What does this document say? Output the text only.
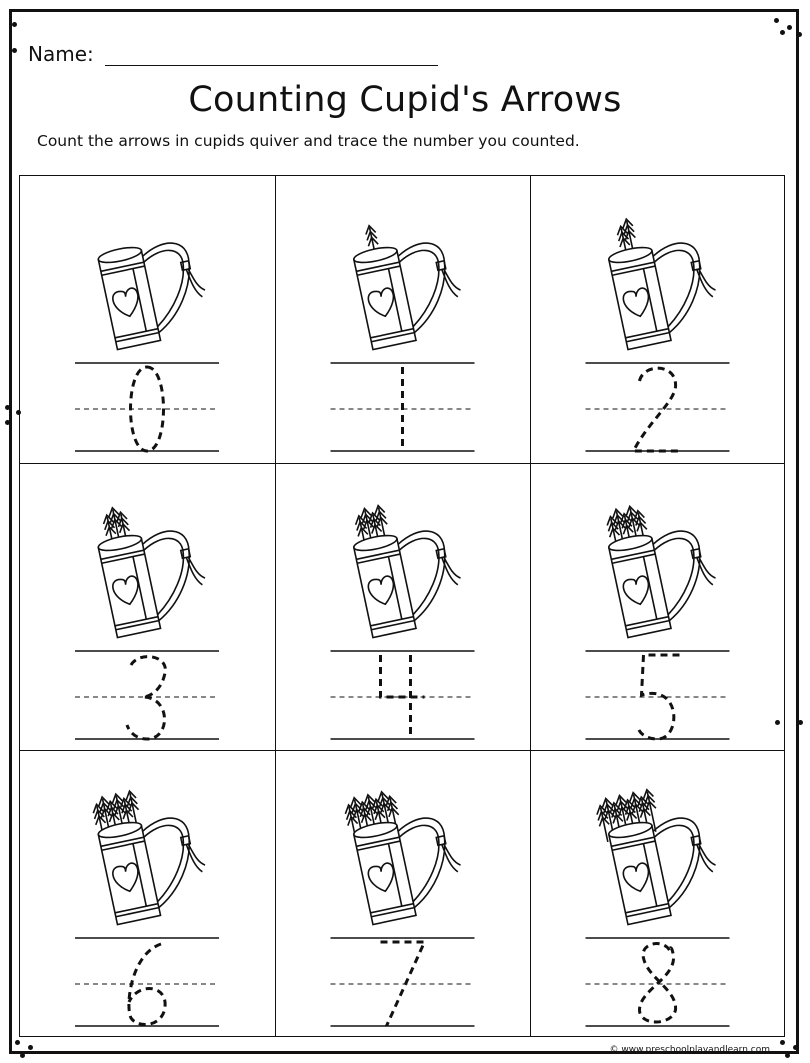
Name:
Counting Cupid's Arrows
Count the arrows in cupids quiver and trace the number you counted.
© www.preschoolplayandlearn.com
